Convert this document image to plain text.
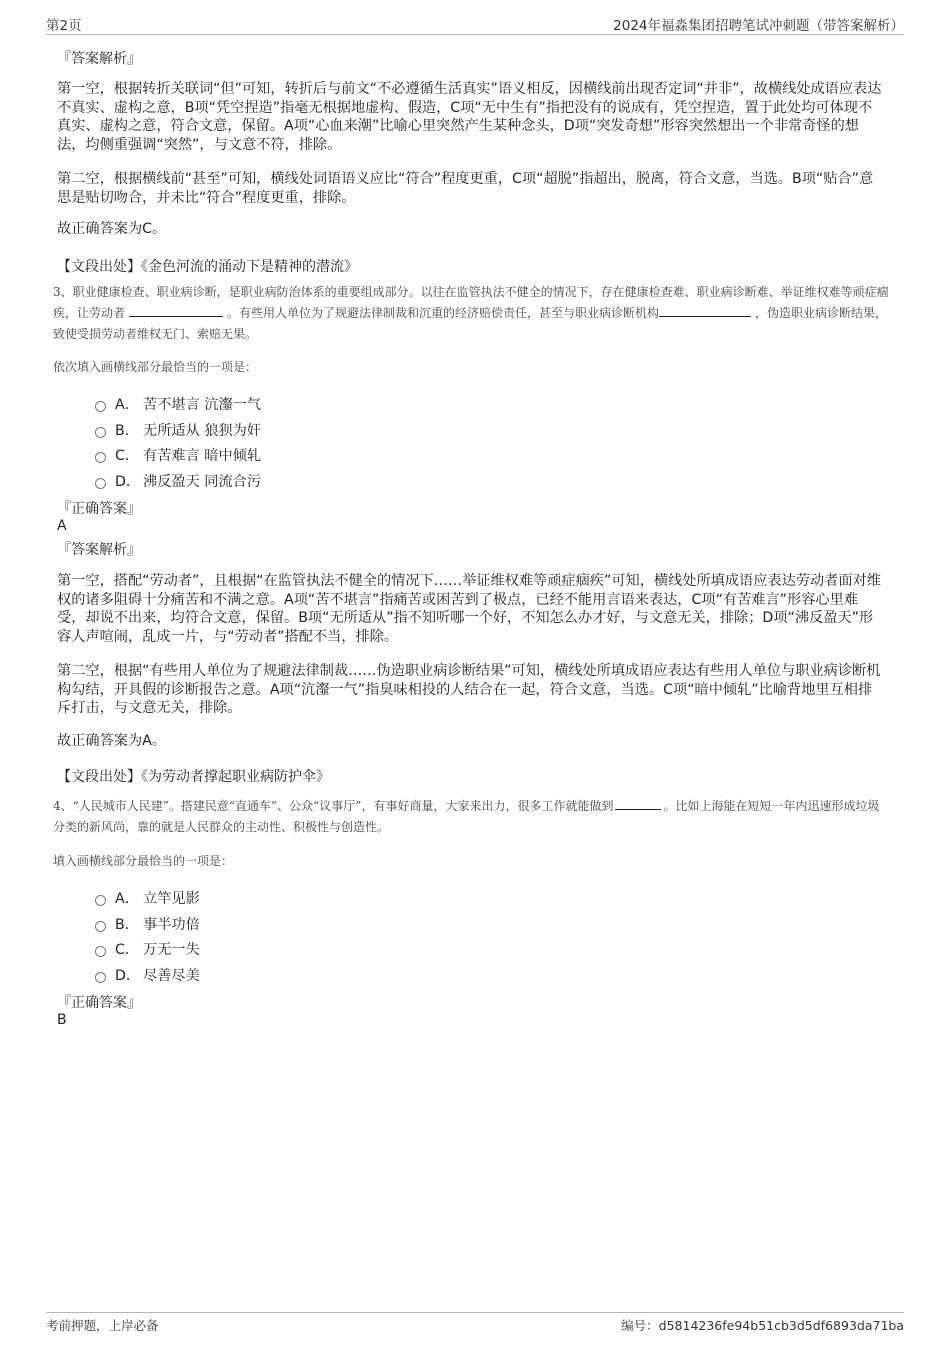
第2页	2024年福淼集团招聘笔试冲刺题（带答案解析）
『答案解析』
第一空，根据转折关联词“但”可知，转折后与前文“不必遵循生活真实”语义相反，因横线前出现否定词“并非”，故横线处成语应表达不真实、虚构之意，B项“凭空捏造”指毫无根据地虚构、假造，C项“无中生有”指把没有的说成有，凭空捏造，置于此处均可体现不真实、虚构之意，符合文意，保留。A项“心血来潮”比喻心里突然产生某种念头，D项“突发奇想”形容突然想出一个非常奇怪的想法，均侧重强调“突然”，与文意不符，排除。
第二空，根据横线前“甚至”可知，横线处词语语义应比“符合”程度更重，C项“超脱”指超出，脱离，符合文意，当选。B项“贴合”意思是贴切吻合，并未比“符合”程度更重，排除。
故正确答案为C。
【文段出处】《金色河流的涌动下是精神的潜流》
3、职业健康检查、职业病诊断，是职业病防治体系的重要组成部分。以往在监管执法不健全的情况下，存在健康检查难、职业病诊断难、举证维权难等顽症痼疾，让劳动者	。有些用人单位为了规避法律制裁和沉重的经济赔偿责任，甚至与职业病诊断机构	，伪造职业病诊断结果，致使受损劳动者维权无门、索赔无果。
依次填入画横线部分最恰当的一项是：
A． 苦不堪言 沆瀣一气
B． 无所适从 狼狈为奸
C． 有苦难言 暗中倾轧
D． 沸反盈天 同流合污
『正确答案』
A
『答案解析』
第一空，搭配“劳动者”，且根据“在监管执法不健全的情况下……举证维权难等顽症痼疾”可知，横线处所填成语应表达劳动者面对维权的诸多阻碍十分痛苦和不满之意。A项“苦不堪言”指痛苦或困苦到了极点，已经不能用言语来表达，C项“有苦难言”形容心里难受，却说不出来，均符合文意，保留。B项“无所适从”指不知听哪一个好，不知怎么办才好，与文意无关，排除；D项“沸反盈天”形容人声喧闹，乱成一片，与“劳动者”搭配不当，排除。
第二空，根据“有些用人单位为了规避法律制裁……伪造职业病诊断结果”可知，横线处所填成语应表达有些用人单位与职业病诊断机构勾结，开具假的诊断报告之意。A项“沆瀣一气”指臭味相投的人结合在一起，符合文意，当选。C项“暗中倾轧”比喻背地里互相排斥打击，与文意无关，排除。
故正确答案为A。
【文段出处】《为劳动者撑起职业病防护伞》
4、“人民城市人民建”。搭建民意“直通车”、公众“议事厅”，有事好商量，大家来出力，很多工作就能做到	。比如上海能在短短一年内迅速形成垃圾分类的新风尚，靠的就是人民群众的主动性、积极性与创造性。
填入画横线部分最恰当的一项是：
A． 立竿见影
B． 事半功倍
C． 万无一失
D． 尽善尽美
『正确答案』
B
考前押题，上岸必备	编号：d5814236fe94b51cb3d5df6893da71ba
